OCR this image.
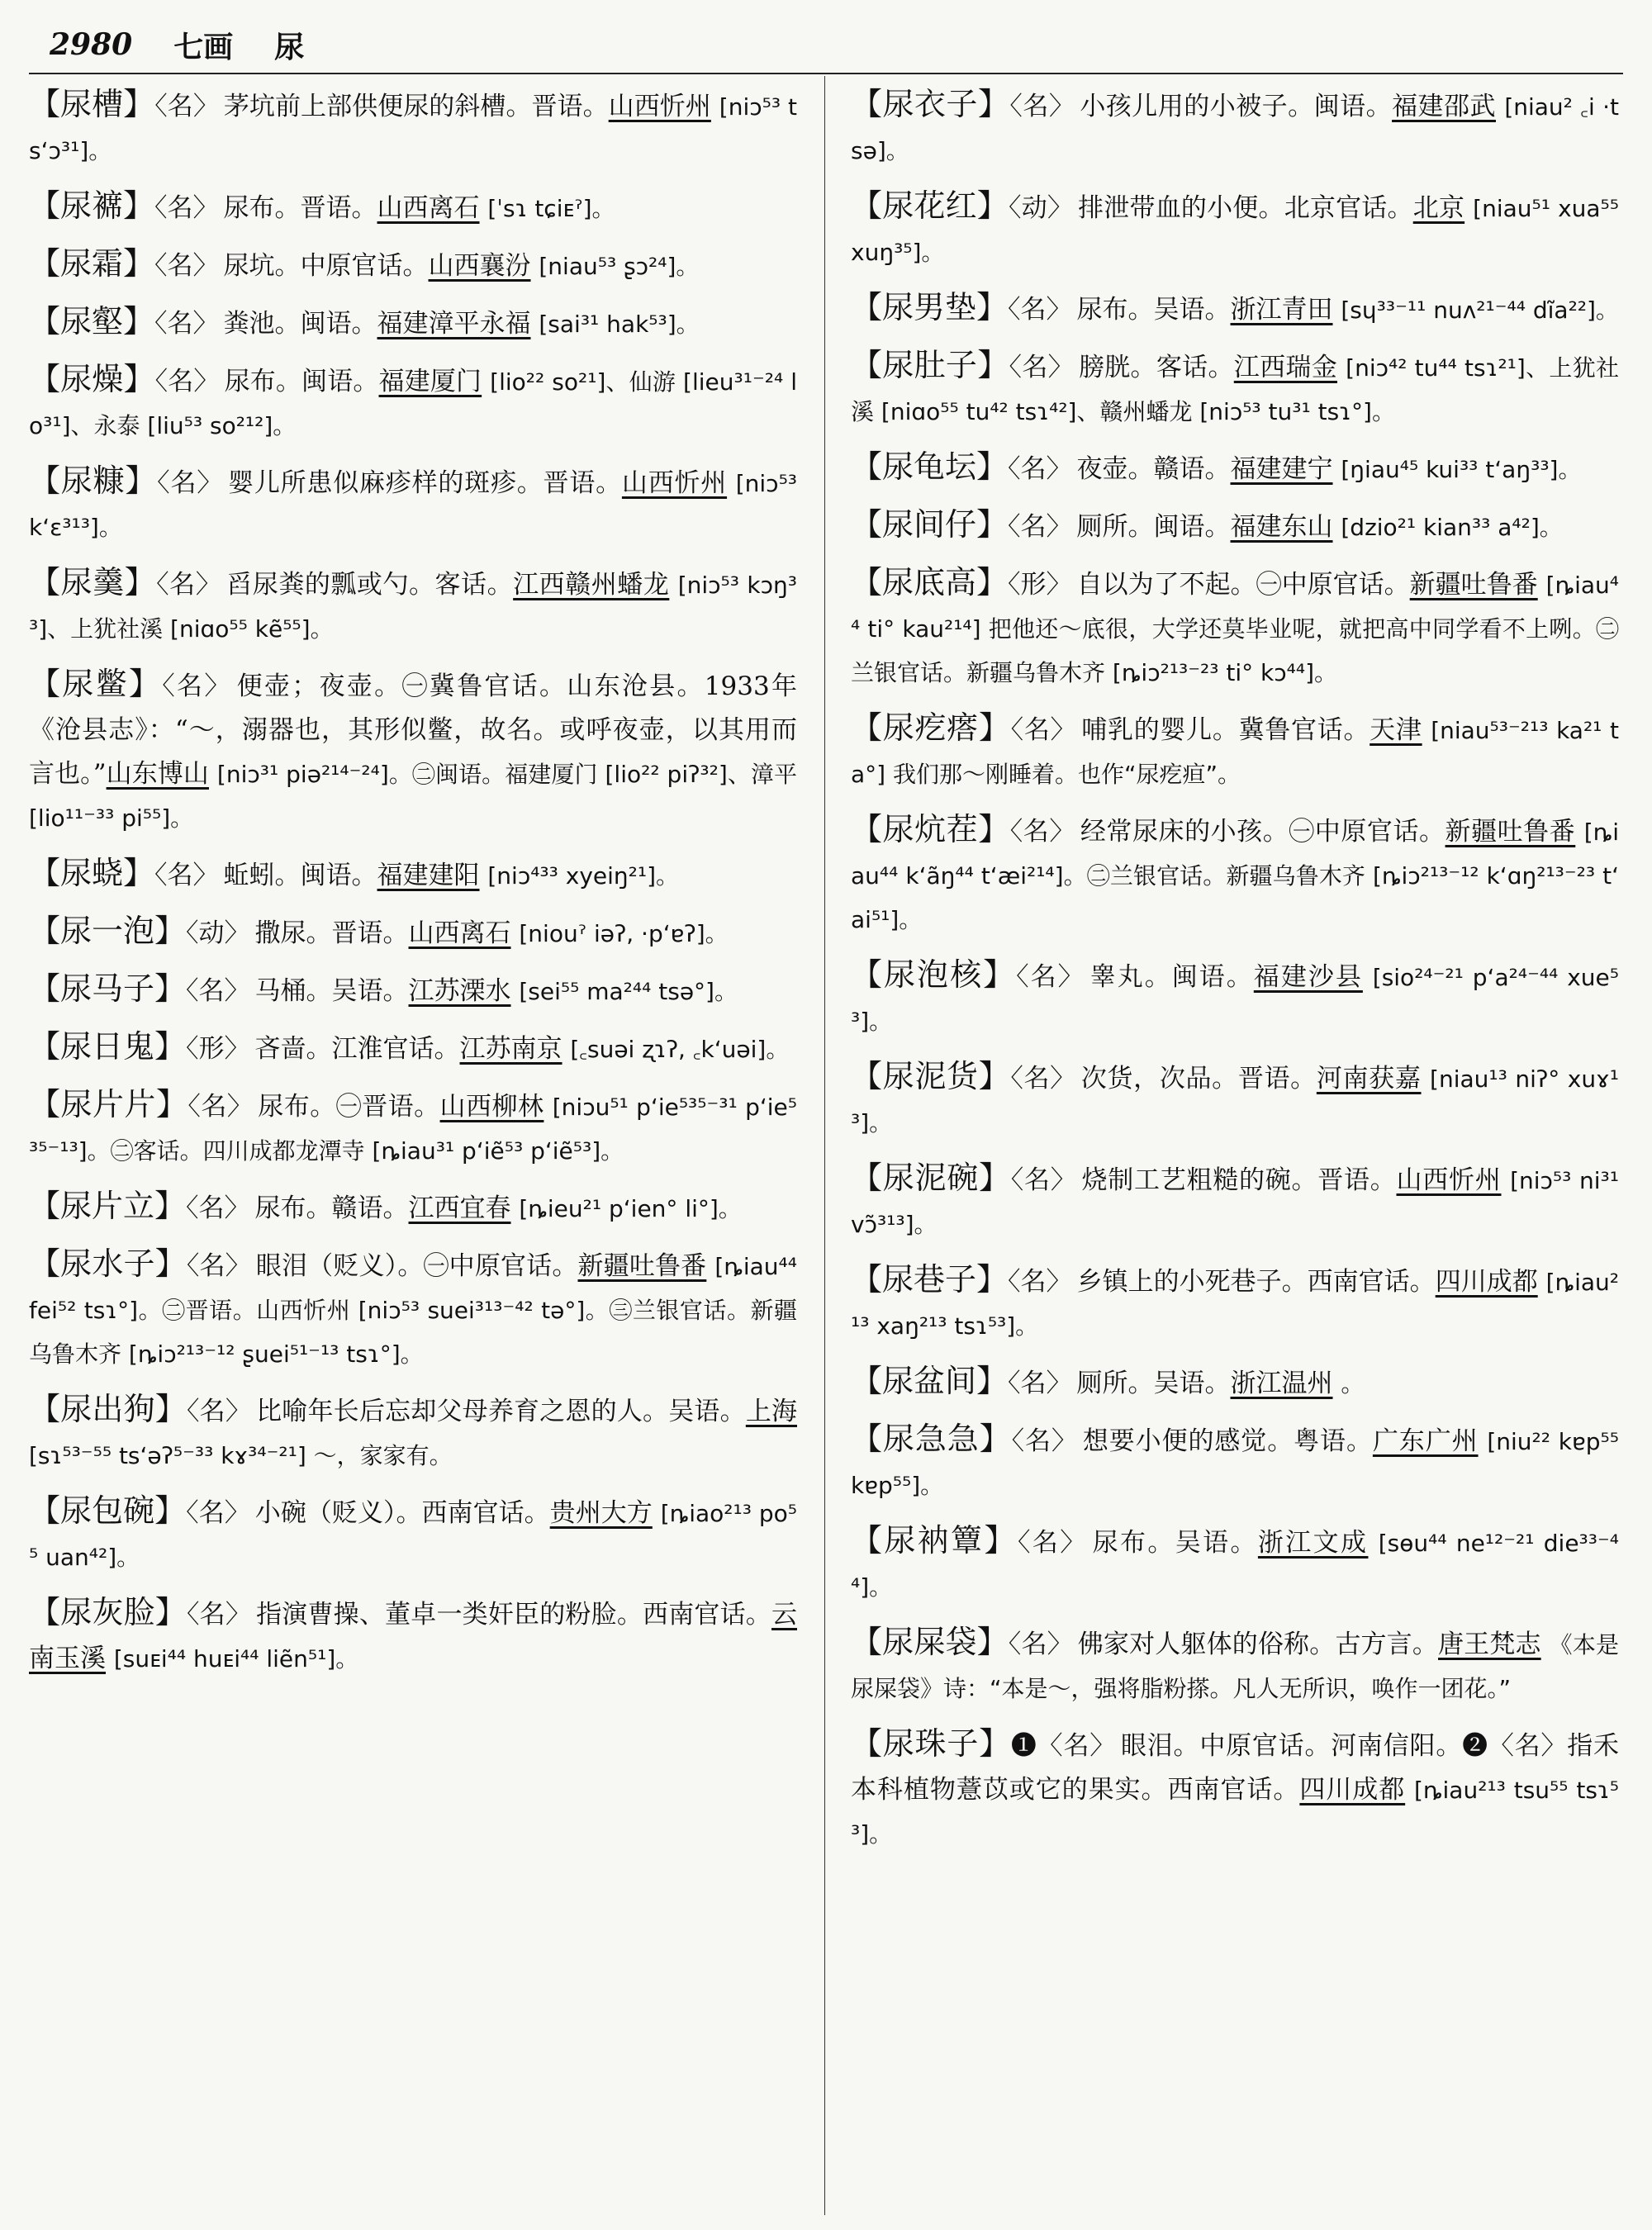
2980 七画 尿
【尿槽】〈名〉 茅坑前上部供便尿的斜槽。晋语。山西忻州 [niɔ⁵³ tsʻɔ³¹]。
【尿褯】〈名〉 尿布。晋语。山西离石 [ˈsɿ tɕiᴇˀ]。
【尿霜】〈名〉 尿坑。中原官话。山西襄汾 [niau⁵³ ʂɔ²⁴]。
【尿壑】〈名〉 粪池。闽语。福建漳平永福 [sai³¹ hak⁵³]。
【尿燥】〈名〉 尿布。闽语。福建厦门 [lio²² so²¹]、仙游 [lieu³¹⁻²⁴ lo³¹]、永泰 [liu⁵³ so²¹²]。
【尿糠】〈名〉 婴儿所患似麻疹样的斑疹。晋语。山西忻州 [niɔ⁵³ kʻɛ³¹³]。
【尿羹】〈名〉 舀尿粪的瓢或勺。客话。江西赣州蟠龙 [niɔ⁵³ kɔŋ³³]、上犹社溪 [niɑo⁵⁵ kẽ⁵⁵]。
【尿鳖】〈名〉 便壶；夜壶。㊀冀鲁官话。山东沧县。1933年《沧县志》：“～，溺器也，其形似鳖，故名。或呼夜壶，以其用而言也。”山东博山 [niɔ³¹ piə²¹⁴⁻²⁴]。㊁闽语。福建厦门 [lio²² piʔ³²]、漳平 [lio¹¹⁻³³ pi⁵⁵]。
【尿蛲】〈名〉 蚯蚓。闽语。福建建阳 [niɔ⁴³³ xyeiŋ²¹]。
【尿一泡】〈动〉 撒尿。晋语。山西离石 [niouˀ iəʔ, ·pʻɐʔ]。
【尿马子】〈名〉 马桶。吴语。江苏溧水 [sei⁵⁵ ma²⁴⁴ tsə°]。
【尿日鬼】〈形〉 吝啬。江淮官话。江苏南京 [꜀suəi ʐɿʔ, ꜀kʻuəi]。
【尿片片】〈名〉 尿布。㊀晋语。山西柳林 [niɔu⁵¹ pʻie⁵³⁵⁻³¹ pʻie⁵³⁵⁻¹³]。㊁客话。四川成都龙潭寺 [ȵiau³¹ pʻiẽ⁵³ pʻiẽ⁵³]。
【尿片立】〈名〉 尿布。赣语。江西宜春 [ȵieu²¹ pʻien° li°]。
【尿水子】〈名〉 眼泪（贬义）。㊀中原官话。新疆吐鲁番 [ȵiau⁴⁴ fei⁵² tsɿ°]。㊁晋语。山西忻州 [niɔ⁵³ suei³¹³⁻⁴² tə°]。㊂兰银官话。新疆乌鲁木齐 [ȵiɔ²¹³⁻¹² ʂuei⁵¹⁻¹³ tsɿ°]。
【尿出狗】〈名〉 比喻年长后忘却父母养育之恩的人。吴语。上海 [sɿ⁵³⁻⁵⁵ tsʻəʔ⁵⁻³³ kɤ³⁴⁻²¹] ～，家家有。
【尿包碗】〈名〉 小碗（贬义）。西南官话。贵州大方 [ȵiao²¹³ po⁵⁵ uan⁴²]。
【尿灰脸】〈名〉 指演曹操、董卓一类奸臣的粉脸。西南官话。云南玉溪 [suᴇi⁴⁴ huᴇi⁴⁴ liẽn⁵¹]。
【尿衣子】〈名〉 小孩儿用的小被子。闽语。福建邵武 [niau² ꜀i ·tsə]。
【尿花红】〈动〉 排泄带血的小便。北京官话。北京 [niau⁵¹ xua⁵⁵ xuŋ³⁵]。
【尿男垫】〈名〉 尿布。吴语。浙江青田 [sɥ³³⁻¹¹ nuʌ²¹⁻⁴⁴ dĩa²²]。
【尿肚子】〈名〉 膀胱。客话。江西瑞金 [niɔ⁴² tu⁴⁴ tsɿ²¹]、上犹社溪 [niɑo⁵⁵ tu⁴² tsɿ⁴²]、赣州蟠龙 [niɔ⁵³ tu³¹ tsɿ°]。
【尿龟坛】〈名〉 夜壶。赣语。福建建宁 [ŋiau⁴⁵ kui³³ tʻaŋ³³]。
【尿间仔】〈名〉 厕所。闽语。福建东山 [dzio²¹ kian³³ a⁴²]。
【尿底高】〈形〉 自以为了不起。㊀中原官话。新疆吐鲁番 [ȵiau⁴⁴ ti° kau²¹⁴] 把他还～底很，大学还莫毕业呢，就把高中同学看不上咧。㊁兰银官话。新疆乌鲁木齐 [ȵiɔ²¹³⁻²³ ti° kɔ⁴⁴]。
【尿疙瘩】〈名〉 哺乳的婴儿。冀鲁官话。天津 [niau⁵³⁻²¹³ ka²¹ ta°] 我们那～刚睡着。也作“尿疙疸”。
【尿炕茬】〈名〉 经常尿床的小孩。㊀中原官话。新疆吐鲁番 [ȵiau⁴⁴ kʻãŋ⁴⁴ tʻæi²¹⁴]。㊁兰银官话。新疆乌鲁木齐 [ȵiɔ²¹³⁻¹² kʻɑŋ²¹³⁻²³ tʻai⁵¹]。
【尿泡核】〈名〉 睾丸。闽语。福建沙县 [sio²⁴⁻²¹ pʻa²⁴⁻⁴⁴ xue⁵³]。
【尿泥货】〈名〉 次货，次品。晋语。河南获嘉 [niau¹³ niʔ° xuɤ¹³]。
【尿泥碗】〈名〉 烧制工艺粗糙的碗。晋语。山西忻州 [niɔ⁵³ ni³¹ vɔ̃³¹³]。
【尿巷子】〈名〉 乡镇上的小死巷子。西南官话。四川成都 [ȵiau²¹³ xaŋ²¹³ tsɿ⁵³]。
【尿盆间】〈名〉 厕所。吴语。浙江温州 。
【尿急急】〈名〉 想要小便的感觉。粤语。广东广州 [niu²² kɐp⁵⁵ kɐp⁵⁵]。
【尿衲簟】〈名〉 尿布。吴语。浙江文成 [sɵu⁴⁴ ne¹²⁻²¹ die³³⁻⁴⁴]。
【尿屎袋】〈名〉 佛家对人躯体的俗称。古方言。唐王梵志 《本是尿屎袋》诗：“本是～，强将脂粉搽。凡人无所识，唤作一团花。”
【尿珠子】❶〈名〉 眼泪。中原官话。河南信阳。❷〈名〉指禾本科植物薏苡或它的果实。西南官话。四川成都 [ȵiau²¹³ tsu⁵⁵ tsɿ⁵³]。
